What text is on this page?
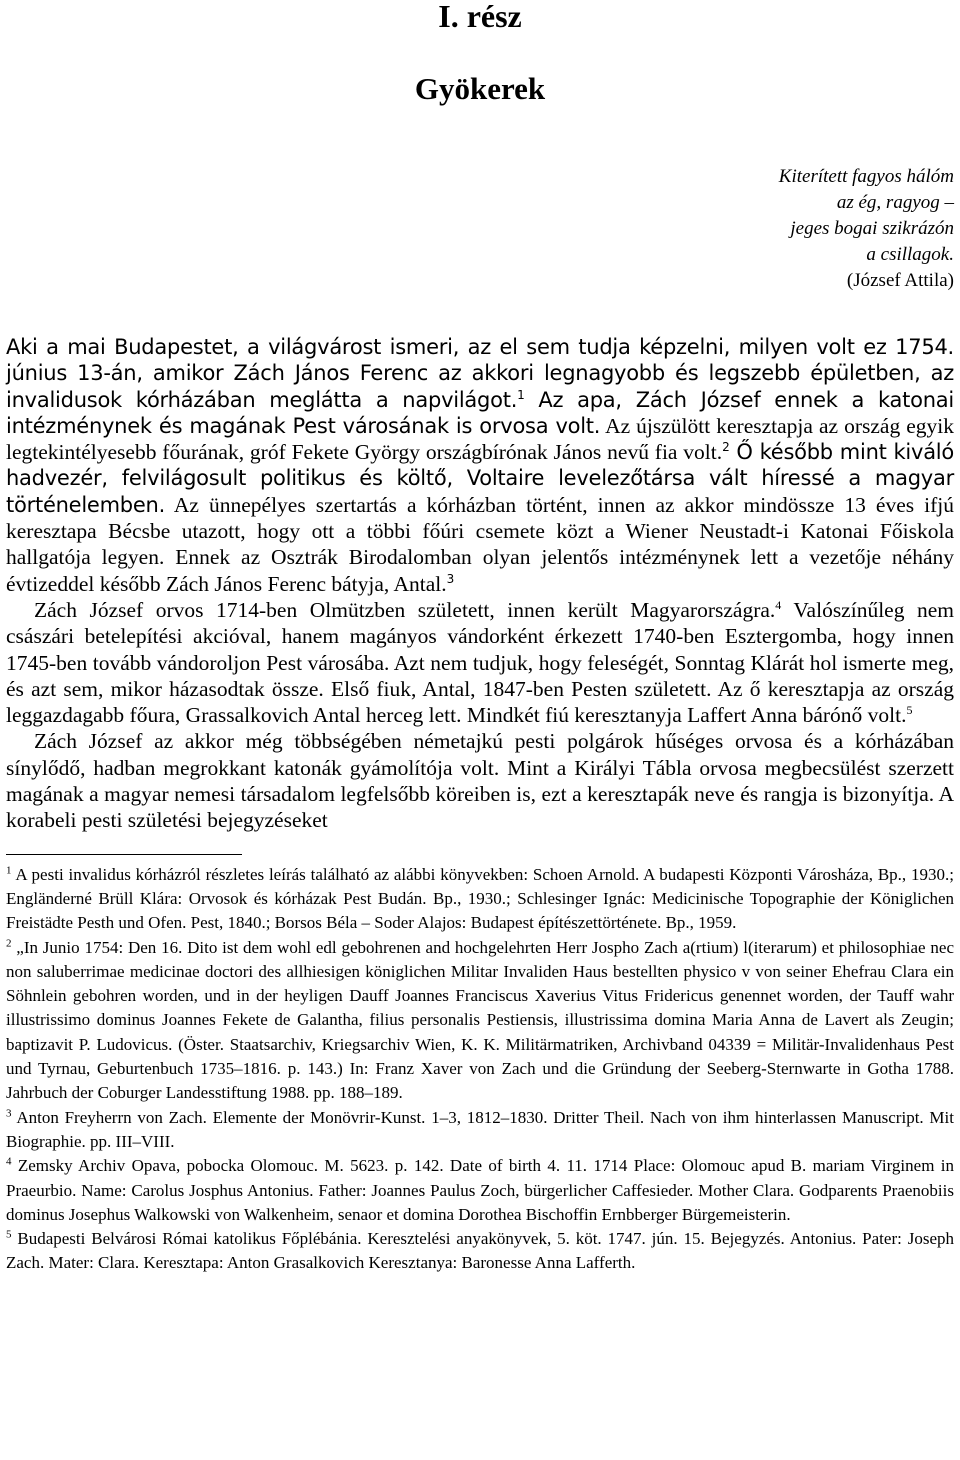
I. rész
Gyökerek
Kiterített fagyos hálóm
az ég, ragyog –
jeges bogai szikrázón
a csillagok.
(József Attila)

Aki a mai Budapestet, a világvárost ismeri, az el sem tudja képzelni, milyen volt ez 1754. június 13-án, amikor Zách János Ferenc az akkori legnagyobb és legszebb épületben, az invalidusok kórházában meglátta a napvilágot.$^1$ Az apa, Zách József ennek a katonai intézménynek és magának Pest városának is orvosa volt. Az újszülött keresztapja az ország egyik legtekintélyesebb főurának, gróf Fekete György országbírónak János nevű fia volt.$^2$ Ő később mint kiváló hadvezér, felvilágosult politikus és költő, Voltaire levelezőtársa vált híressé a magyar történelemben. Az ünnepélyes szertartás a kórházban történt, innen az akkor mindössze 13 éves ifjú keresztapa Bécsbe utazott, hogy ott a többi főúri csemete közt a Wiener Neustadt-i Katonai Főiskola hallgatója legyen. Ennek az Osztrák Birodalomban olyan jelentős intézménynek lett a vezetője néhány évtizeddel később Zách János Ferenc bátyja, Antal.$^3$

Zách József orvos 1714-ben Olmützben született, innen került Magyarországra.$^4$ Valószínűleg nem császári betelepítési akcióval, hanem magányos vándorként érkezett 1740-ben Esztergomba, hogy innen 1745-ben tovább vándoroljon Pest városába. Azt nem tudjuk, hogy feleségét, Sonntag Klárát hol ismerte meg, és azt sem, mikor házasodtak össze. Első fiuk, Antal, 1847-ben Pesten született. Az ő keresztapja az ország leggazdagabb főura, Grassalkovich Antal herceg lett. Mindkét fiú keresztanyja Laffert Anna bárónő volt.$^5$

Zách József az akkor még többségében németajkú pesti polgárok hűséges orvosa és a kórházában sínylődő, hadban megrokkant katonák gyámolítója volt. Mint a Királyi Tábla orvosa megbecsülést szerzett magának a magyar nemesi társadalom legfelsőbb köreiben is, ezt a keresztapák neve és rangja is bizonyítja. A korabeli pesti születési bejegyzéseket

$^1$ A pesti invalidus kórházról részletes leírás található az alábbi könyvekben: Schoen Arnold. A budapesti Központi Városháza, Bp., 1930.; Engländerné Brüll Klára: Orvosok és kórházak Pest Budán. Bp., 1930.; Schlesinger Ignác: Medicinische Topographie der Königlichen Freistädte Pesth und Ofen. Pest, 1840.; Borsos Béla – Soder Alajos: Budapest építészettörténete. Bp., 1959.

$^2$ „In Junio 1754: Den 16. Dito ist dem wohl edl gebohrenen and hochgelehrten Herr Jospho Zach a(rtium) l(iterarum) et philosophiae nec non saluberrimae medicinae doctori des allhiesigen königlichen Militar Invaliden Haus bestellten physico v von seiner Ehefrau Clara ein Söhnlein gebohren worden, und in der heyligen Dauff Joannes Franciscus Xaverius Vitus Fridericus genennet worden, der Tauff wahr illustrissimo dominus Joannes Fekete de Galantha, filius personalis Pestiensis, illustrissima domina Maria Anna de Lavert als Zeugin; baptizavit P. Ludovicus. (Öster. Staatsarchiv, Kriegsarchiv Wien, K. K. Militärmatriken, Archivband 04339 = Militär-Invalidenhaus Pest und Tyrnau, Geburtenbuch 1735–1816. p. 143.) In: Franz Xaver von Zach und die Gründung der Seeberg-Sternwarte in Gotha 1788. Jahrbuch der Coburger Landesstiftung 1988. pp. 188–189.

$^3$ Anton Freyherrn von Zach. Elemente der Monövrir-Kunst. 1–3, 1812–1830. Dritter Theil. Nach von ihm hinterlassen Manuscript. Mit Biographie. pp. III–VIII.

$^4$ Zemsky Archiv Opava, pobocka Olomouc. M. 5623. p. 142. Date of birth 4. 11. 1714 Place: Olomouc apud B. mariam Virginem in Praeurbio. Name: Carolus Josphus Antonius. Father: Joannes Paulus Zoch, bürgerlicher Caffesieder. Mother Clara. Godparents Praenobiis dominus Josephus Walkowski von Walkenheim, senaor et domina Dorothea Bischoffin Ernbberger Bürgemeisterin.

$^5$ Budapesti Belvárosi Római katolikus Főplébánia. Keresztelési anyakönyvek, 5. köt. 1747. jún. 15. Bejegyzés. Antonius. Pater: Joseph Zach. Mater: Clara. Keresztapa: Anton Grasalkovich Keresztanya: Baronesse Anna Lafferth.
